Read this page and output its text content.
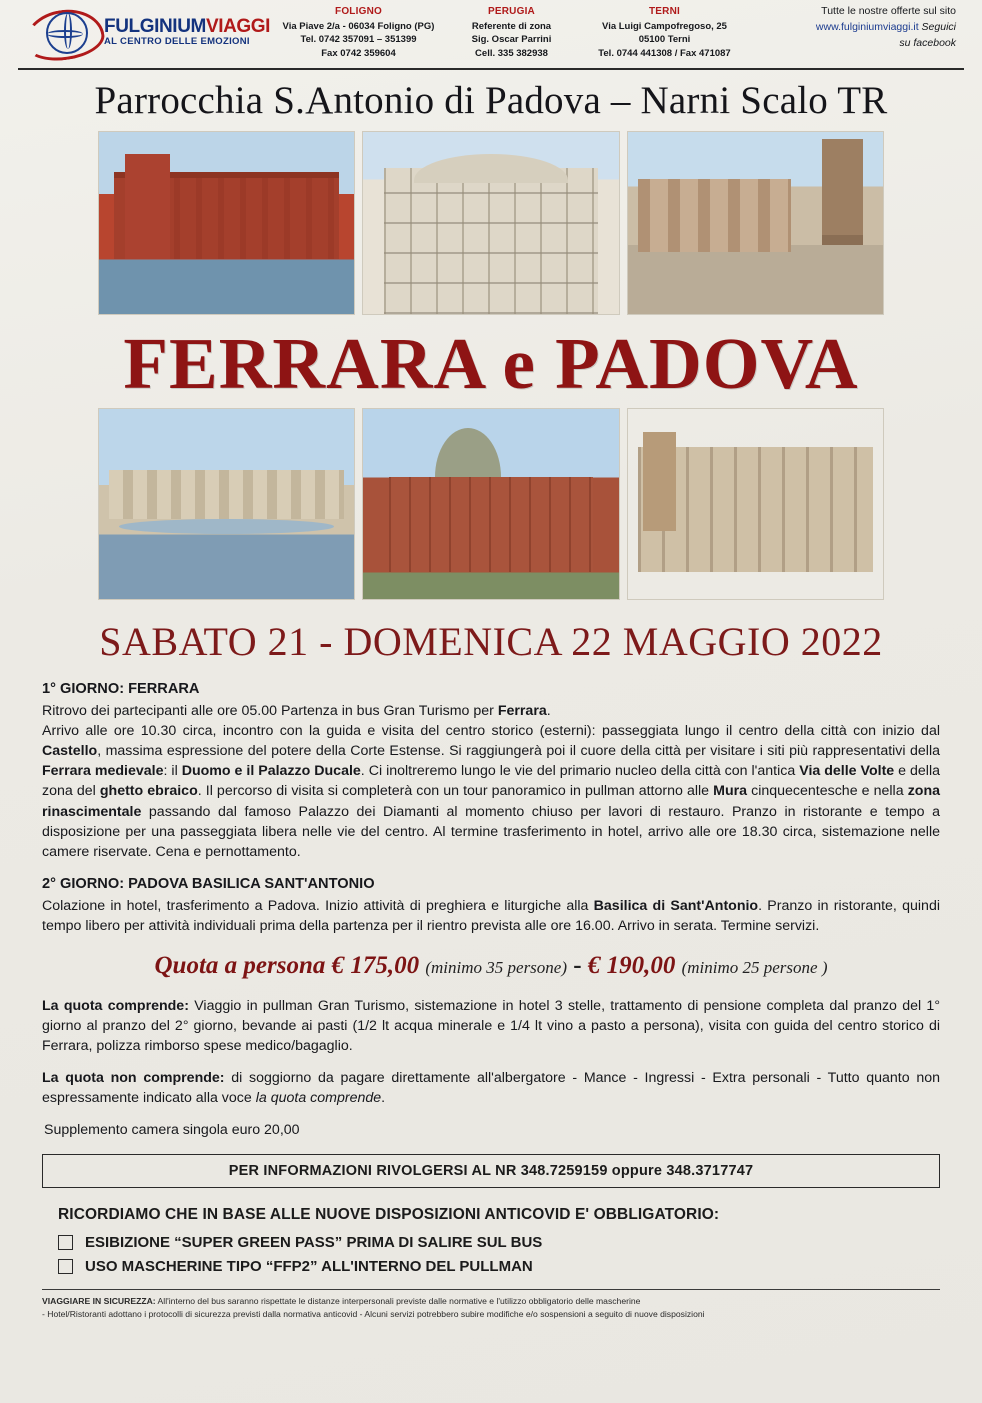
FULGINIUMVIAGGI
AL CENTRO DELLE EMOZIONI
FOLIGNO
Via Piave 2/a - 06034 Foligno (PG)
Tel. 0742 357091 – 351399
Fax 0742 359604
PERUGIA
Referente di zona
Sig. Oscar Parrini
Cell. 335 382938
TERNI
Via Luigi Campofregoso, 25
05100 Terni
Tel. 0744 441308 / Fax 471087
Tutte le nostre offerte sul sito
www.fulginiumviaggi.it Seguici
su facebook
Parrocchia S.Antonio di Padova – Narni Scalo TR
FERRARA e PADOVA
SABATO 21 - DOMENICA 22 MAGGIO 2022
1° GIORNO: FERRARA
Ritrovo dei partecipanti alle ore 05.00 Partenza in bus Gran Turismo per Ferrara.
Arrivo alle ore 10.30 circa, incontro con la guida e visita del centro storico (esterni): passeggiata lungo il centro della città con inizio dal Castello, massima espressione del potere della Corte Estense. Si raggiungerà poi il cuore della città per visitare i siti più rappresentativi della Ferrara medievale: il Duomo e il Palazzo Ducale. Ci inoltreremo lungo le vie del primario nucleo della città con l'antica Via delle Volte e della zona del ghetto ebraico. Il percorso di visita si completerà con un tour panoramico in pullman attorno alle Mura cinquecentesche e nella zona rinascimentale passando dal famoso Palazzo dei Diamanti al momento chiuso per lavori di restauro. Pranzo in ristorante e tempo a disposizione per una passeggiata libera nelle vie del centro. Al termine trasferimento in hotel, arrivo alle ore 18.30 circa, sistemazione nelle camere riservate. Cena e pernottamento.
2° GIORNO: PADOVA BASILICA SANT'ANTONIO
Colazione in hotel, trasferimento a Padova. Inizio attività di preghiera e liturgiche alla Basilica di Sant'Antonio. Pranzo in ristorante, quindi tempo libero per attività individuali prima della partenza per il rientro prevista alle ore 16.00. Arrivo in serata. Termine servizi.
Quota a persona € 175,00 (minimo 35 persone) - € 190,00 (minimo 25 persone )
La quota comprende: Viaggio in pullman Gran Turismo, sistemazione in hotel 3 stelle, trattamento di pensione completa dal pranzo del 1° giorno al pranzo del 2° giorno, bevande ai pasti (1/2 lt acqua minerale e 1/4 lt vino a pasto a persona), visita con guida del centro storico di Ferrara, polizza rimborso spese medico/bagaglio.
La quota non comprende: di soggiorno da pagare direttamente all'albergatore - Mance - Ingressi - Extra personali - Tutto quanto non espressamente indicato alla voce la quota comprende.
Supplemento camera singola euro 20,00
PER INFORMAZIONI RIVOLGERSI AL NR 348.7259159 oppure 348.3717747
RICORDIAMO CHE IN BASE ALLE NUOVE DISPOSIZIONI ANTICOVID E' OBBLIGATORIO:
ESIBIZIONE “SUPER GREEN PASS” PRIMA DI SALIRE SUL BUS
USO MASCHERINE TIPO “FFP2” ALL'INTERNO DEL PULLMAN
VIAGGIARE IN SICUREZZA: All'interno del bus saranno rispettate le distanze interpersonali previste dalle normative e l'utilizzo obbligatorio delle mascherine
- Hotel/Ristoranti adottano i protocolli di sicurezza previsti dalla normativa anticovid - Alcuni servizi potrebbero subire modifiche e/o sospensioni a seguito di nuove disposizioni
